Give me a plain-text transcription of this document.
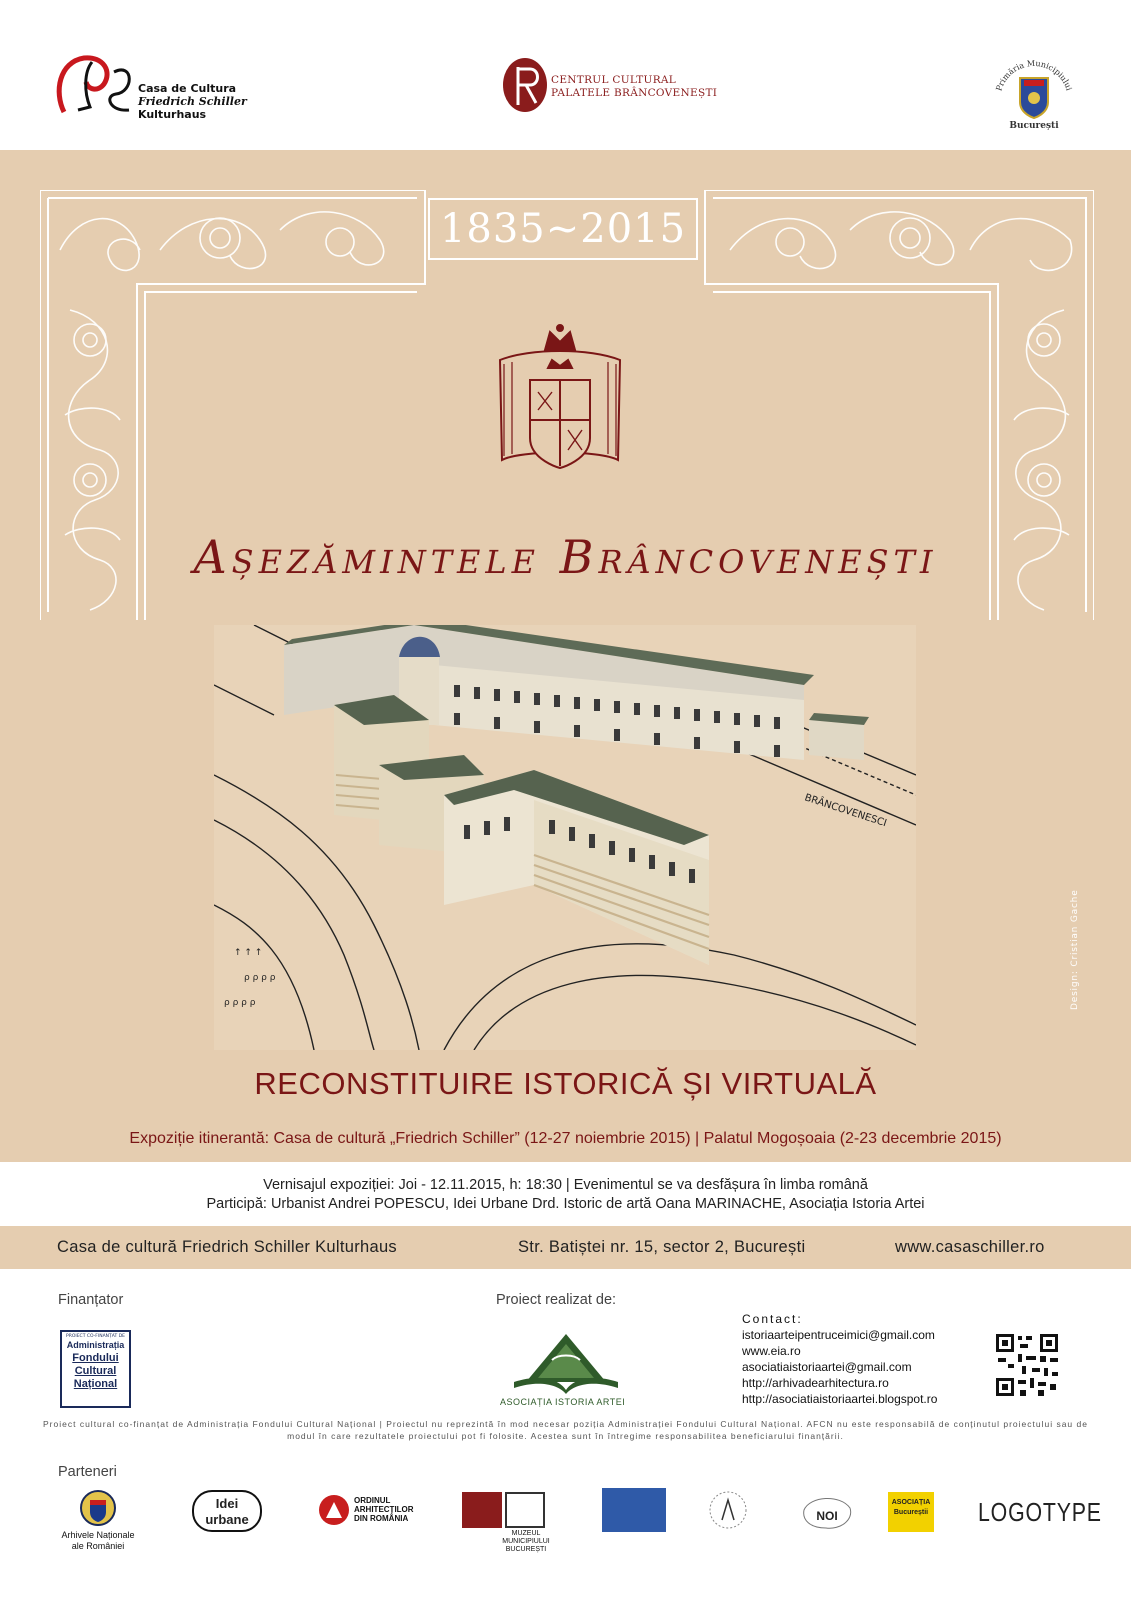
Casa de Cultura
Friedrich Schiller
Kulturhaus
CENTRUL CULTURAL
PALATELE BRÂNCOVENEȘTI	Primăria Municipiului
București
1835~2015
Așezămintele Brâncovenești
↑ ↑ ↑
ρ ρ ρ ρ
ρ ρ ρ ρ
BRÂNCOVENESCI
RECONSTITUIRE ISTORICĂ ȘI VIRTUALĂ
Expoziție itinerantă: Casa de cultură „Friedrich Schiller” (12-27 noiembrie 2015) | Palatul Mogoșoaia (2-23 decembrie 2015)
Design: Cristian Gache
Vernisajul expoziției: Joi - 12.11.2015, h: 18:30 | Evenimentul se va desfășura în limba română
Participă: Urbanist Andrei POPESCU, Idei Urbane Drd. Istoric de artă Oana MARINACHE, Asociația Istoria Artei
Casa de cultură Friedrich Schiller Kulturhaus	Str. Batiștei nr. 15, sector 2, București	www.casaschiller.ro
Finanțator
PROIECT CO-FINANȚAT DE
Administrația
Fondului
Cultural
Național
Proiect realizat de:
ASOCIAȚIA ISTORIA ARTEI
Contact:
istoriaarteipentruceimici@gmail.com
www.eia.ro
asociatiaistoriaartei@gmail.com
http://arhivadearhitectura.ro
http://asociatiaistoriaartei.blogspot.ro
Proiect cultural co-finanțat de Administrația Fondului Cultural Național | Proiectul nu reprezintă în mod necesar poziția Administrației Fondului Cultural Național. AFCN nu este responsabilă de conținutul proiectului sau de modul în care rezultatele proiectului pot fi folosite. Acestea sunt în întregime responsabilitea beneficiarului finanțării.
Parteneri
Arhivele Naționale
ale României
Idei
urbane
ORDINUL
ARHITECȚILOR
DIN ROMÂNIA
MUZEUL
MUNICIPIULUI
BUCUREȘTI
NOI
ASOCIAȚIA
Bucureștii LOGOTYPE
